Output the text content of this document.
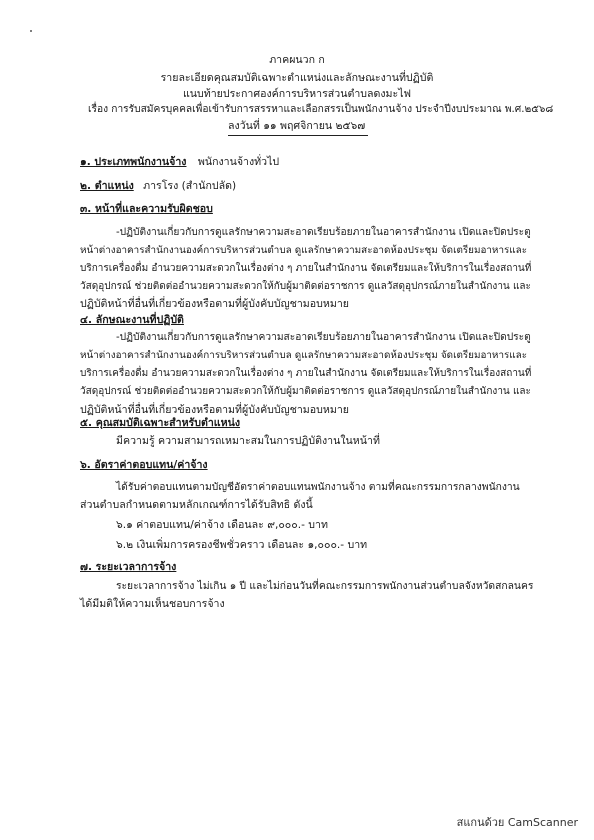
ภาคผนวก ก
รายละเอียดคุณสมบัติเฉพาะตำแหน่งและลักษณะงานที่ปฏิบัติ
แนบท้ายประกาศองค์การบริหารส่วนตำบลดงมะไฟ
เรื่อง การรับสมัครบุคคลเพื่อเข้ารับการสรรหาและเลือกสรรเป็นพนักงานจ้าง ประจำปีงบประมาณ พ.ศ.๒๕๖๘
ลงวันที่ ๑๑ พฤศจิกายน ๒๕๖๗
๑. ประเภทพนักงานจ้าง พนักงานจ้างทั่วไป
๒. ตำแหน่ง ภารโรง (สำนักปลัด)
๓. หน้าที่และความรับผิดชอบ
-ปฏิบัติงานเกี่ยวกับการดูแลรักษาความสะอาดเรียบร้อยภายในอาคารสำนักงาน เปิดและปิดประตู
หน้าต่างอาคารสำนักงานองค์การบริหารส่วนตำบล ดูแลรักษาความสะอาดห้องประชุม จัดเตรียมอาหารและ
บริการเครื่องดื่ม อำนวยความสะดวกในเรื่องต่าง ๆ ภายในสำนักงาน จัดเตรียมและให้บริการในเรื่องสถานที่
วัสดุอุปกรณ์ ช่วยติดต่ออำนวยความสะดวกให้กับผู้มาติดต่อราชการ ดูแลวัสดุอุปกรณ์ภายในสำนักงาน และ
ปฏิบัติหน้าที่อื่นที่เกี่ยวข้องหรือตามที่ผู้บังคับบัญชามอบหมาย
๔. ลักษณะงานที่ปฏิบัติ
-ปฏิบัติงานเกี่ยวกับการดูแลรักษาความสะอาดเรียบร้อยภายในอาคารสำนักงาน เปิดและปิดประตู
หน้าต่างอาคารสำนักงานองค์การบริหารส่วนตำบล ดูแลรักษาความสะอาดห้องประชุม จัดเตรียมอาหารและ
บริการเครื่องดื่ม อำนวยความสะดวกในเรื่องต่าง ๆ ภายในสำนักงาน จัดเตรียมและให้บริการในเรื่องสถานที่
วัสดุอุปกรณ์ ช่วยติดต่ออำนวยความสะดวกให้กับผู้มาติดต่อราชการ ดูแลวัสดุอุปกรณ์ภายในสำนักงาน และ
ปฏิบัติหน้าที่อื่นที่เกี่ยวข้องหรือตามที่ผู้บังคับบัญชามอบหมาย
๕. คุณสมบัติเฉพาะสำหรับตำแหน่ง
มีความรู้ ความสามารถเหมาะสมในการปฏิบัติงานในหน้าที่
๖. อัตราค่าตอบแทน/ค่าจ้าง
ได้รับค่าตอบแทนตามบัญชีอัตราค่าตอบแทนพนักงานจ้าง ตามที่คณะกรรมการกลางพนักงาน
ส่วนตำบลกำหนดตามหลักเกณฑ์การได้รับสิทธิ ดังนี้
๖.๑ ค่าตอบแทน/ค่าจ้าง เดือนละ ๙,๐๐๐.- บาท
๖.๒ เงินเพิ่มการครองชีพชั่วคราว เดือนละ ๑,๐๐๐.- บาท
๗. ระยะเวลาการจ้าง
ระยะเวลาการจ้าง ไม่เกิน ๑ ปี และไม่ก่อนวันที่คณะกรรมการพนักงานส่วนตำบลจังหวัดสกลนคร
ได้มีมติให้ความเห็นชอบการจ้าง
สแกนด้วย CamScanner
